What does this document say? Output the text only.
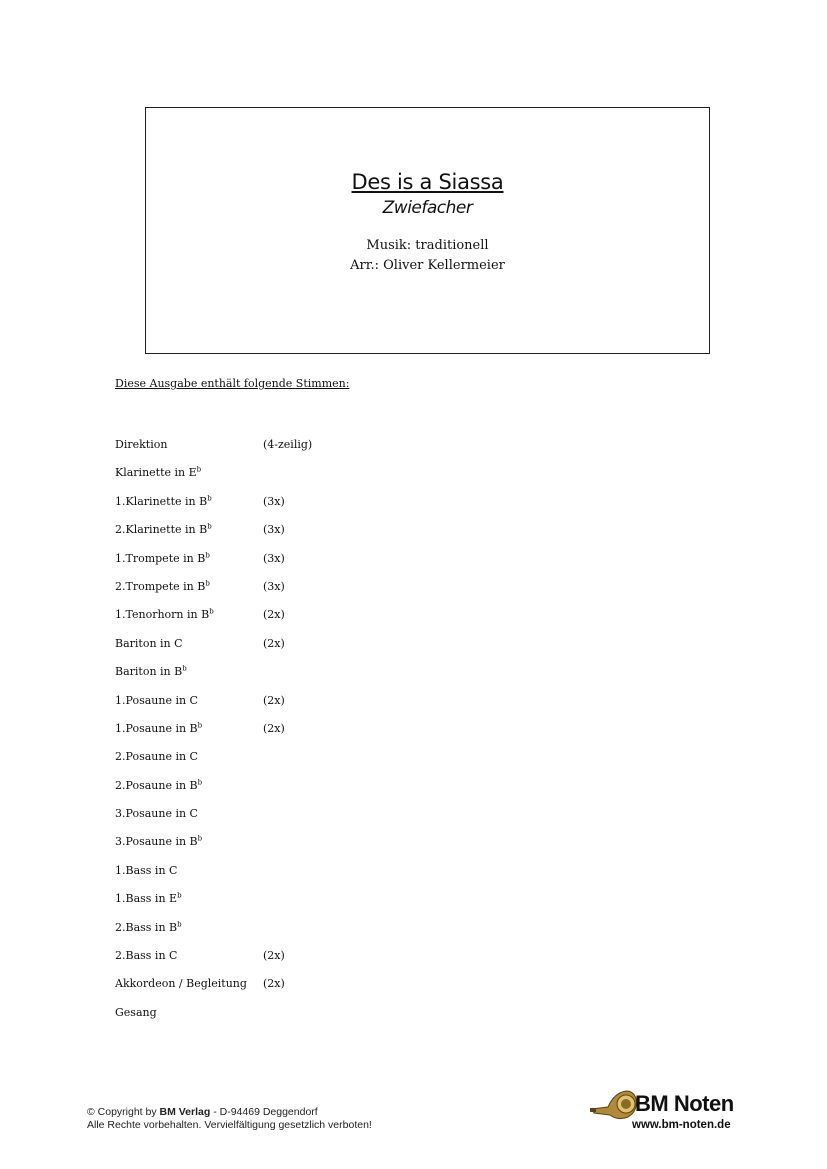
Des is a Siassa
Zwiefacher
Musik: traditionell
Arr.: Oliver Kellermeier
Diese Ausgabe enthält folgende Stimmen:
Direktion	(4-zeilig)
Klarinette in $E^b$
1.Klarinette in $B^b$	(3x)
2.Klarinette in $B^b$	(3x)
1.Trompete in $B^b$	(3x)
2.Trompete in $B^b$	(3x)
1.Tenorhorn in $B^b$	(2x)
Bariton in C	(2x)
Bariton in $B^b$
1.Posaune in C	(2x)
1.Posaune in $B^b$	(2x)
2.Posaune in C
2.Posaune in $B^b$
3.Posaune in C
3.Posaune in $B^b$
1.Bass in C
1.Bass in $E^b$
2.Bass in $B^b$
2.Bass in C	(2x)
Akkordeon / Begleitung (2x)
Gesang
© Copyright by BM Verlag - D-94469 Deggendorf
Alle Rechte vorbehalten. Vervielfältigung gesetzlich verboten!
BM Noten
www.bm-noten.de
